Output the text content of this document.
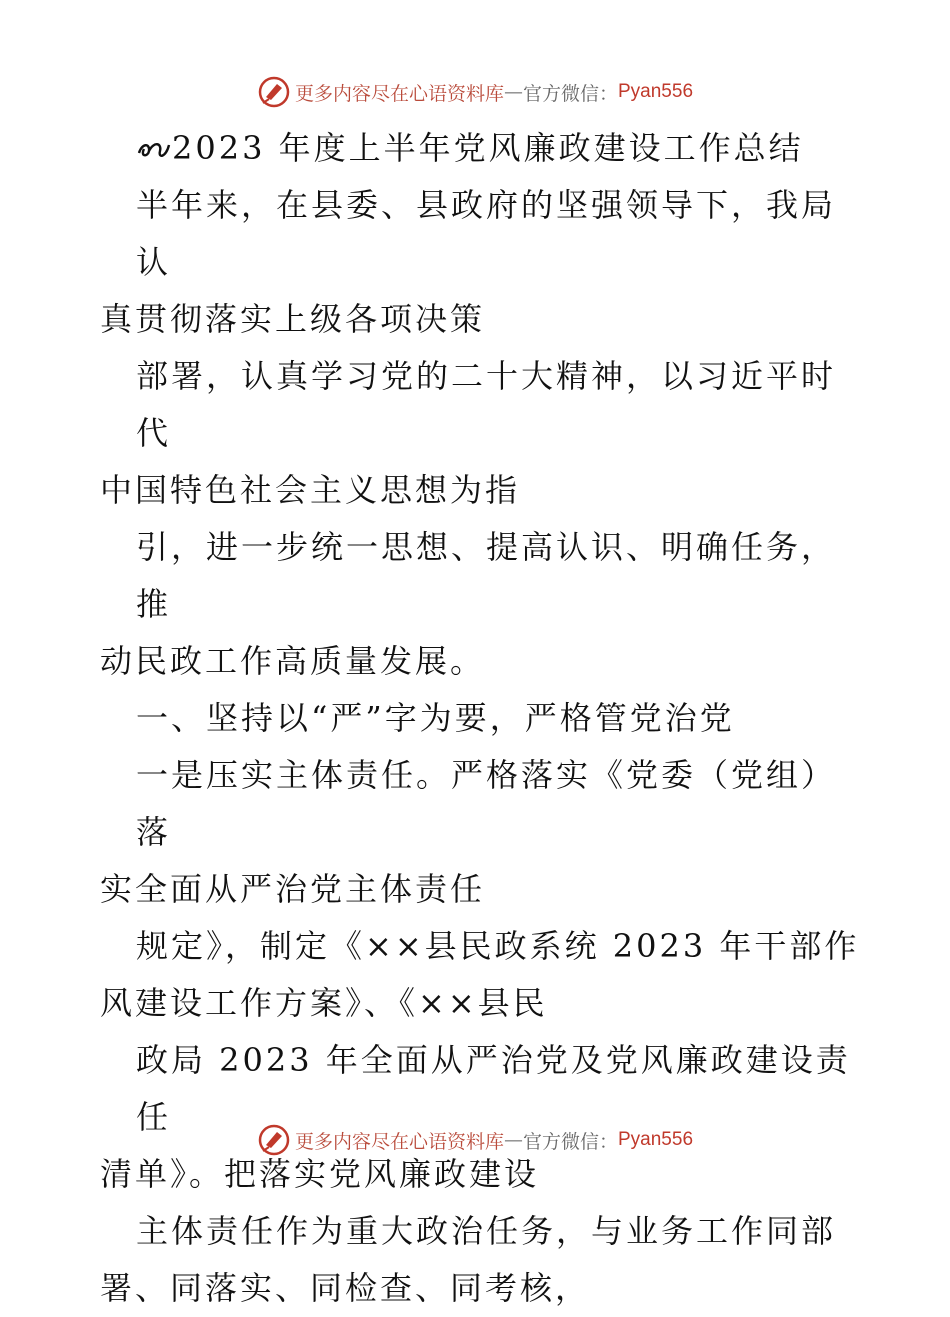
更多内容尽在心语资料库 — 官方微信： Pyan556

2023 年度上半年党风廉政建设工作总结

半年来，在县委、县政府的坚强领导下，我局认

真贯彻落实上级各项决策

部署，认真学习党的二十大精神，以习近平时代

中国特色社会主义思想为指

引，进一步统一思想、提高认识、明确任务，推

动民政工作高质量发展。

一、坚持以“严”字为要，严格管党治党

一是压实主体责任。严格落实《党委（党组）落

实全面从严治党主体责任

规定》，制定《××县民政系统 2023 年干部作

风建设工作方案》、《××县民

政局 2023 年全面从严治党及党风廉政建设责任

清单》。把落实党风廉政建设

主体责任作为重大政治任务，与业务工作同部

署、同落实、同检查、同考核，

更多内容尽在心语资料库 — 官方微信： Pyan556
